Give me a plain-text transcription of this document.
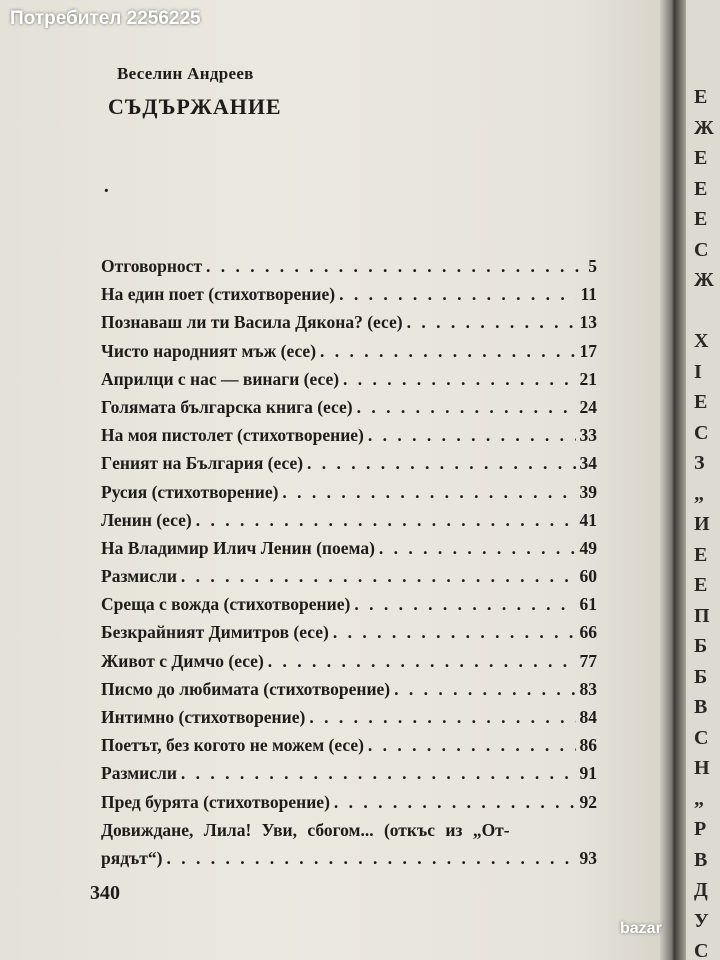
Веселин Андреев
СЪДЪРЖАНИЕ
·
Отговорност . . .	5
На един поет (стихотворение) . . .	11
Познаваш ли ти Васила Дякона? (есе) . . .	13
Чисто народният мъж (есе) . . .	17
Априлци с нас — винаги (есе) . . .	21
Голямата българска книга (есе) . . .	24
На моя пистолет (стихотворение) . . .	33
Гeният на България (есе) . . .	34
Русия (стихотворение) . . .	39
Ленин (есе) . . .	41
На Владимир Илич Ленин (поема) . . .	49
Размисли . . .	60
Среща с вожда (стихотворение) . . .	61
Безкрайният Димитров (есе) . . .	66
Живот с Димчо (есе) . . .	77
Писмо до любимата (стихотворение) . . .	83
Интимно (стихотворение) . . .	84
Поетът, без когото не можем (есе) . . .	86
Размисли . . .	91
Пред бурята (стихотворение) . . .	92
Довиждане, Лила! Уви, сбогом... (откъс из „От-
рядът“) . . .	93
340
Е
Ж
Е
Е
Е
С
Ж
Х
І
Е
С
З
„
И
Е
Е
П
Б
Б
В
С
Н
„
Р
В
Д
У
С
Потребител 2256225
bazar
